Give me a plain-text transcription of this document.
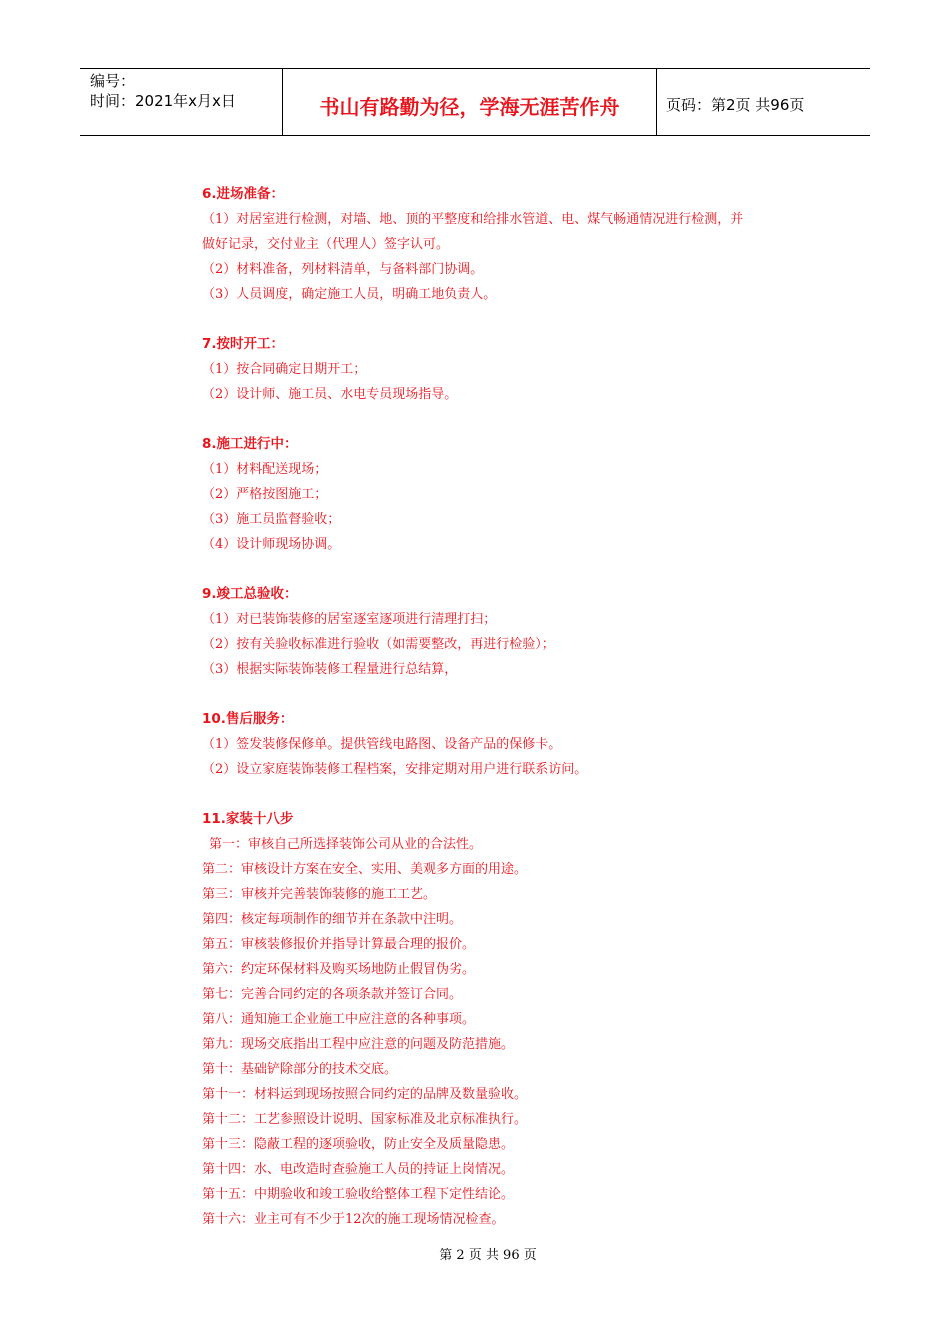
编号：
时间：2021年x月x日	书山有路勤为径，学海无涯苦作舟	页码：第2页 共96页
6.进场准备：
（1）对居室进行检测，对墙、地、顶的平整度和给排水管道、电、煤气畅通情况进行检测，并
做好记录，交付业主（代理人）签字认可。
（2）材料准备，列材料清单，与备料部门协调。
（3）人员调度，确定施工人员，明确工地负责人。
7.按时开工：
（1）按合同确定日期开工；
（2）设计师、施工员、水电专员现场指导。
8.施工进行中：
（1）材料配送现场；
（2）严格按图施工；
（3）施工员监督验收；
（4）设计师现场协调。
9.竣工总验收：
（1）对已装饰装修的居室逐室逐项进行清理打扫；
（2）按有关验收标准进行验收（如需要整改，再进行检验）；
（3）根据实际装饰装修工程量进行总结算，
10.售后服务：
（1）签发装修保修单。提供管线电路图、设备产品的保修卡。
（2）设立家庭装饰装修工程档案，安排定期对用户进行联系访问。
11.家装十八步
第一：审核自己所选择装饰公司从业的合法性。
第二：审核设计方案在安全、实用、美观多方面的用途。
第三：审核并完善装饰装修的施工工艺。
第四：核定每项制作的细节并在条款中注明。
第五：审核装修报价并指导计算最合理的报价。
第六：约定环保材料及购买场地防止假冒伪劣。
第七：完善合同约定的各项条款并签订合同。
第八：通知施工企业施工中应注意的各种事项。
第九：现场交底指出工程中应注意的问题及防范措施。
第十：基础铲除部分的技术交底。
第十一：材料运到现场按照合同约定的品牌及数量验收。
第十二：工艺参照设计说明、国家标准及北京标准执行。
第十三：隐蔽工程的逐项验收，防止安全及质量隐患。
第十四：水、电改造时查验施工人员的持证上岗情况。
第十五：中期验收和竣工验收给整体工程下定性结论。
第十六：业主可有不少于12次的施工现场情况检查。
第 2 页 共 96 页
